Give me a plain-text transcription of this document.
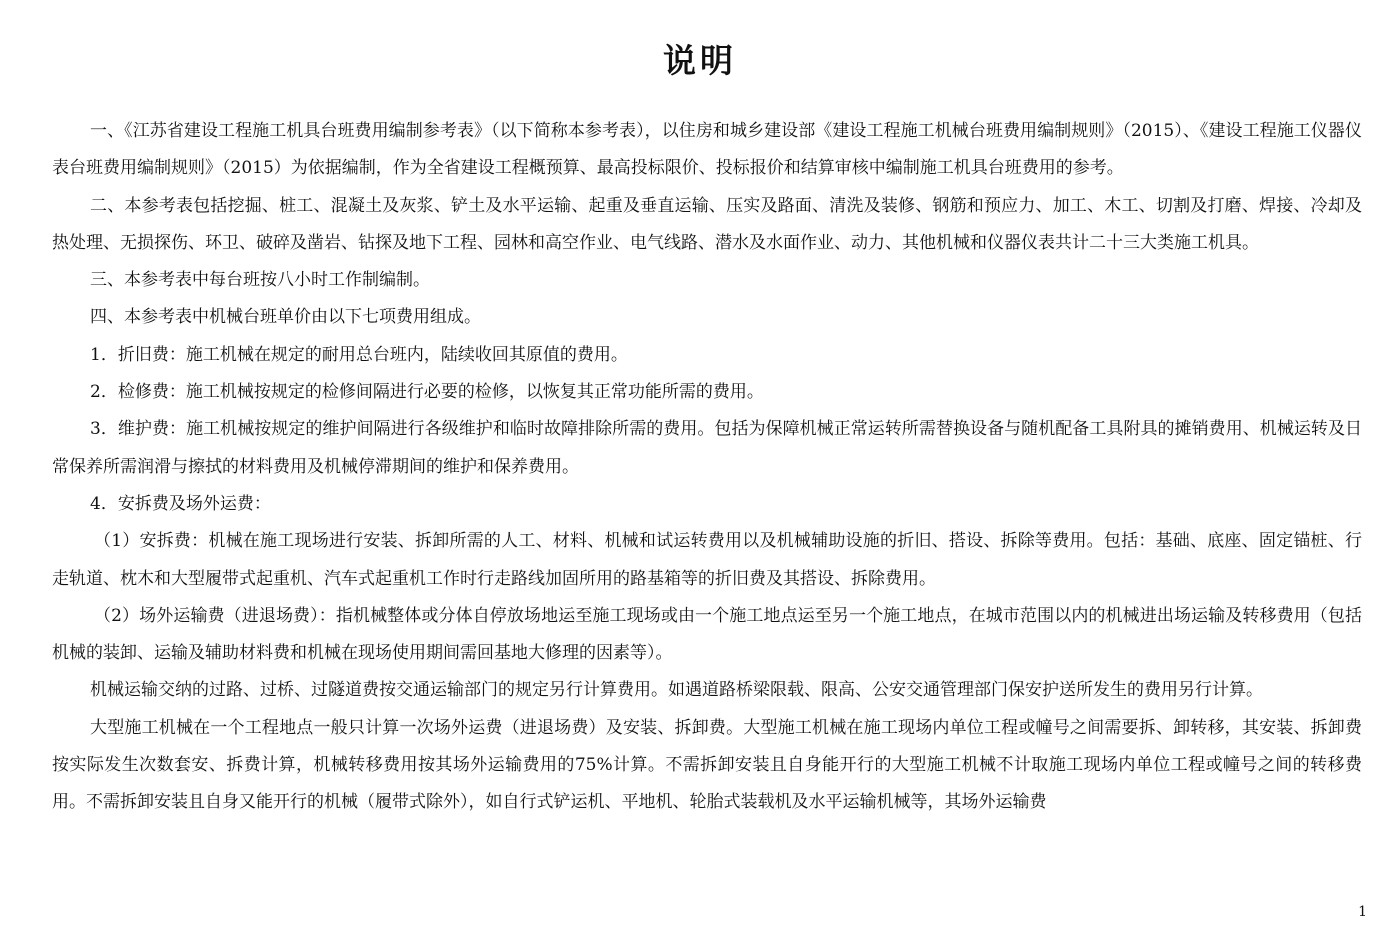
说明

一、《江苏省建设工程施工机具台班费用编制参考表》（以下简称本参考表），以住房和城乡建设部《建设工程施工机械台班费用编制规则》（2015）、《建设工程施工仪器仪表台班费用编制规则》（2015）为依据编制，作为全省建设工程概预算、最高投标限价、投标报价和结算审核中编制施工机具台班费用的参考。

二、本参考表包括挖掘、桩工、混凝土及灰浆、铲土及水平运输、起重及垂直运输、压实及路面、清洗及装修、钢筋和预应力、加工、木工、切割及打磨、焊接、冷却及热处理、无损探伤、环卫、破碎及凿岩、钻探及地下工程、园林和高空作业、电气线路、潜水及水面作业、动力、其他机械和仪器仪表共计二十三大类施工机具。

三、本参考表中每台班按八小时工作制编制。

四、本参考表中机械台班单价由以下七项费用组成。

1．折旧费：施工机械在规定的耐用总台班内，陆续收回其原值的费用。

2．检修费：施工机械按规定的检修间隔进行必要的检修，以恢复其正常功能所需的费用。

3．维护费：施工机械按规定的维护间隔进行各级维护和临时故障排除所需的费用。包括为保障机械正常运转所需替换设备与随机配备工具附具的摊销费用、机械运转及日常保养所需润滑与擦拭的材料费用及机械停滞期间的维护和保养费用。

4．安拆费及场外运费：

（1）安拆费：机械在施工现场进行安装、拆卸所需的人工、材料、机械和试运转费用以及机械辅助设施的折旧、搭设、拆除等费用。包括：基础、底座、固定锚桩、行走轨道、枕木和大型履带式起重机、汽车式起重机工作时行走路线加固所用的路基箱等的折旧费及其搭设、拆除费用。

（2）场外运输费（进退场费）：指机械整体或分体自停放场地运至施工现场或由一个施工地点运至另一个施工地点，在城市范围以内的机械进出场运输及转移费用（包括机械的装卸、运输及辅助材料费和机械在现场使用期间需回基地大修理的因素等）。

机械运输交纳的过路、过桥、过隧道费按交通运输部门的规定另行计算费用。如遇道路桥梁限载、限高、公安交通管理部门保安护送所发生的费用另行计算。

大型施工机械在一个工程地点一般只计算一次场外运费（进退场费）及安装、拆卸费。大型施工机械在施工现场内单位工程或幢号之间需要拆、卸转移，其安装、拆卸费按实际发生次数套安、拆费计算，机械转移费用按其场外运输费用的75%计算。不需拆卸安装且自身能开行的大型施工机械不计取施工现场内单位工程或幢号之间的转移费用。不需拆卸安装且自身又能开行的机械（履带式除外），如自行式铲运机、平地机、轮胎式装载机及水平运输机械等，其场外运输费

1
